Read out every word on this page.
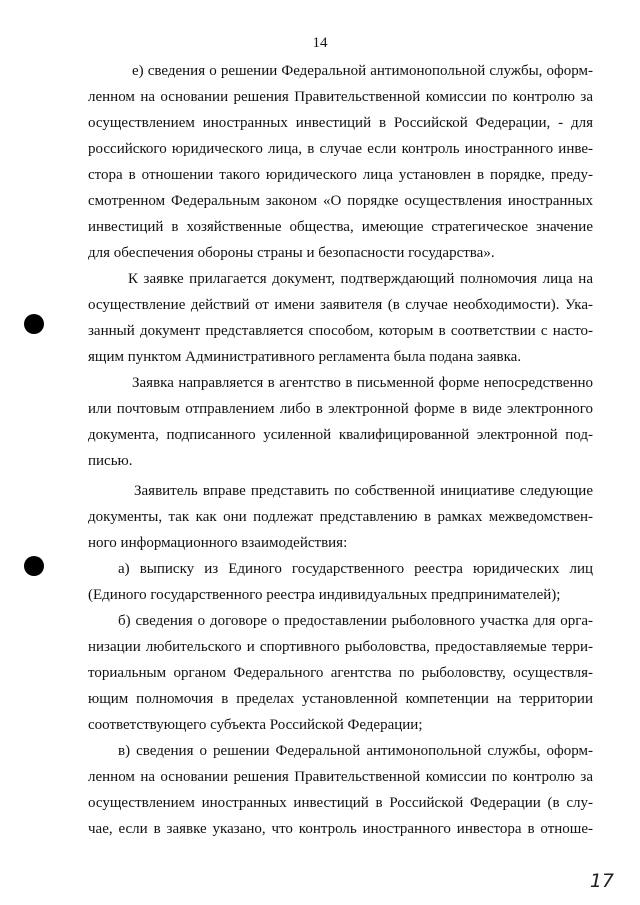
14
е) сведения о решении Федеральной антимонопольной службы, оформ-
ленном на основании решения Правительственной комиссии по контролю за
осуществлением иностранных инвестиций в Российской Федерации, - для
российского юридического лица, в случае если контроль иностранного инве-
стора в отношении такого юридического лица установлен в порядке, преду-
смотренном Федеральным законом «О порядке осуществления иностранных
инвестиций в хозяйственные общества, имеющие стратегическое значение
для обеспечения обороны страны и безопасности государства».
К заявке прилагается документ, подтверждающий полномочия лица на
осуществление действий от имени заявителя (в случае необходимости). Ука-
занный документ представляется способом, которым в соответствии с насто-
ящим пунктом Административного регламента была подана заявка.
Заявка направляется в агентство в письменной форме непосредственно
или почтовым отправлением либо в электронной форме в виде электронного
документа, подписанного усиленной квалифицированной электронной под-
писью.
Заявитель вправе представить по собственной инициативе следующие
документы, так как они подлежат представлению в рамках межведомствен-
ного информационного взаимодействия:
а) выписку из Единого государственного реестра юридических лиц
(Единого государственного реестра индивидуальных предпринимателей);
б) сведения о договоре о предоставлении рыболовного участка для орга-
низации любительского и спортивного рыболовства, предоставляемые терри-
ториальным органом Федерального агентства по рыболовству, осуществля-
ющим полномочия в пределах установленной компетенции на территории
соответствующего субъекта Российской Федерации;
в) сведения о решении Федеральной антимонопольной службы, оформ-
ленном на основании решения Правительственной комиссии по контролю за
осуществлением иностранных инвестиций в Российской Федерации (в слу-
чае, если в заявке указано, что контроль иностранного инвестора в отноше-
17
